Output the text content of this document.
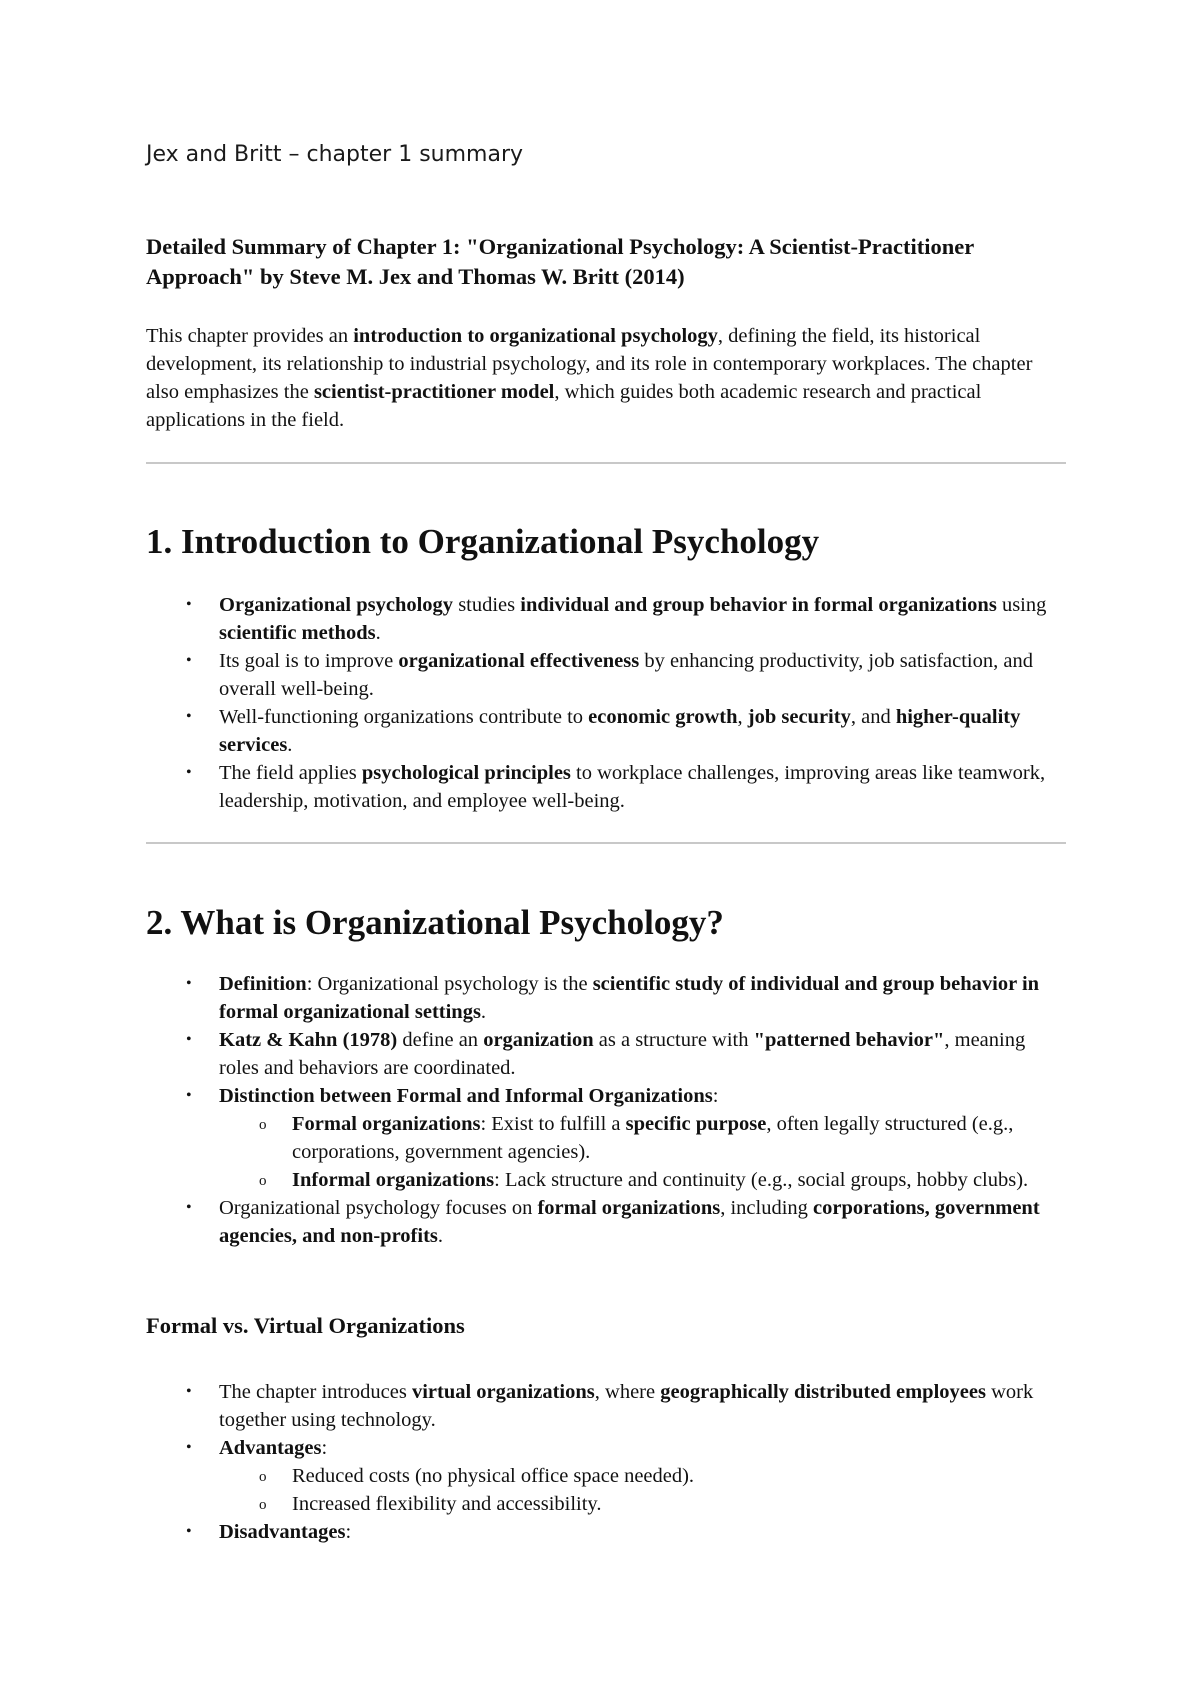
Jex and Britt – chapter 1 summary
Detailed Summary of Chapter 1: "Organizational Psychology: A Scientist-Practitioner Approach" by Steve M. Jex and Thomas W. Britt (2014)

This chapter provides an introduction to organizational psychology, defining the field, its historical development, its relationship to industrial psychology, and its role in contemporary workplaces. The chapter also emphasizes the scientist-practitioner model, which guides both academic research and practical applications in the field.

1. Introduction to Organizational Psychology
• Organizational psychology studies individual and group behavior in formal organizations using scientific methods.
• Its goal is to improve organizational effectiveness by enhancing productivity, job satisfaction, and overall well-being.
• Well-functioning organizations contribute to economic growth, job security, and higher-quality services.
• The field applies psychological principles to workplace challenges, improving areas like teamwork, leadership, motivation, and employee well-being.
2. What is Organizational Psychology?
• Definition: Organizational psychology is the scientific study of individual and group behavior in formal organizational settings.
• Katz & Kahn (1978) define an organization as a structure with "patterned behavior", meaning roles and behaviors are coordinated.
• Distinction between Formal and Informal Organizations:
o Formal organizations: Exist to fulfill a specific purpose, often legally structured (e.g., corporations, government agencies).
o Informal organizations: Lack structure and continuity (e.g., social groups, hobby clubs).
• Organizational psychology focuses on formal organizations, including corporations, government agencies, and non-profits.
Formal vs. Virtual Organizations
• The chapter introduces virtual organizations, where geographically distributed employees work together using technology.
• Advantages:
o Reduced costs (no physical office space needed).
o Increased flexibility and accessibility.
• Disadvantages:
